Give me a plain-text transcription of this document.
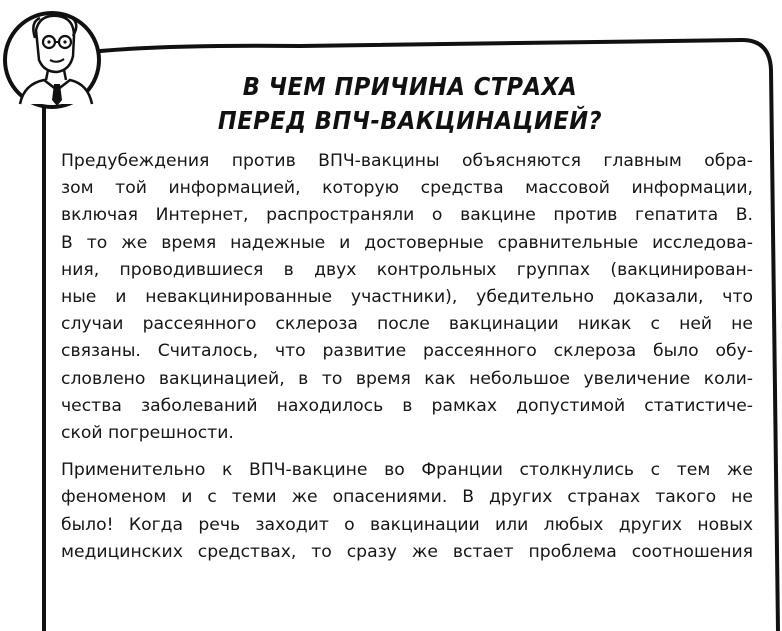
В ЧЕМ ПРИЧИНА СТРАХА
ПЕРЕД ВПЧ-ВАКЦИНАЦИЕЙ?

Предубеждения против ВПЧ-вакцины объясняются главным обра-
зом той информацией, которую средства массовой информации,
включая Интернет, распространяли о вакцине против гепатита В.
В то же время надежные и достоверные сравнительные исследова-
ния, проводившиеся в двух контрольных группах (вакцинирован-
ные и невакцинированные участники), убедительно доказали, что
случаи рассеянного склероза после вакцинации никак с ней не
связаны. Считалось, что развитие рассеянного склероза было обу-
словлено вакцинацией, в то время как небольшое увеличение коли-
чества заболеваний находилось в рамках допустимой статистиче-
ской погрешности.

Применительно к ВПЧ-вакцине во Франции столкнулись с тем же
феноменом и с теми же опасениями. В других странах такого не
было! Когда речь заходит о вакцинации или любых других новых
медицинских средствах, то сразу же встает проблема соотношения
